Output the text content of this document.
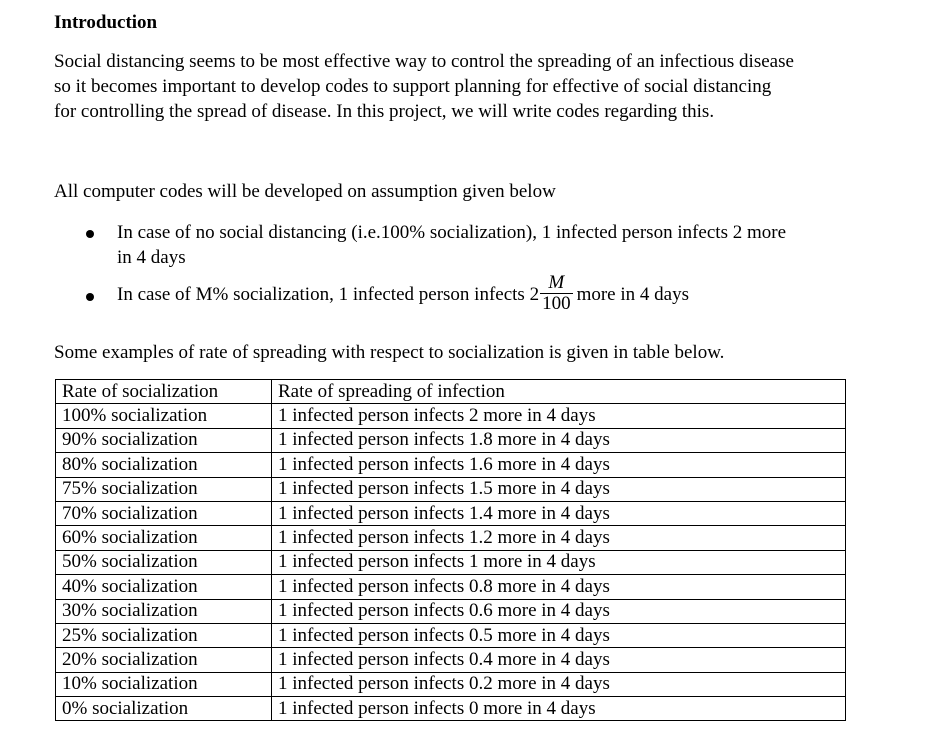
Introduction
Social distancing seems to be most effective way to control the spreading of an infectious disease
so it becomes important to develop codes to support planning for effective of social distancing
for controlling the spread of disease. In this project, we will write codes regarding this.
All computer codes will be developed on assumption given below
In case of no social distancing (i.e.100% socialization), 1 infected person infects 2 more
in 4 days
In case of M% socialization, 1 infected person infects $2 \frac{M}{100}$ more in 4 days
Some examples of rate of spreading with respect to socialization is given in table below.
Rate of socialization	Rate of spreading of infection
100% socialization	1 infected person infects 2 more in 4 days
90% socialization	1 infected person infects 1.8 more in 4 days
80% socialization	1 infected person infects 1.6 more in 4 days
75% socialization	1 infected person infects 1.5 more in 4 days
70% socialization	1 infected person infects 1.4 more in 4 days
60% socialization	1 infected person infects 1.2 more in 4 days
50% socialization	1 infected person infects 1 more in 4 days
40% socialization	1 infected person infects 0.8 more in 4 days
30% socialization	1 infected person infects 0.6 more in 4 days
25% socialization	1 infected person infects 0.5 more in 4 days
20% socialization	1 infected person infects 0.4 more in 4 days
10% socialization	1 infected person infects 0.2 more in 4 days
0% socialization	1 infected person infects 0 more in 4 days
